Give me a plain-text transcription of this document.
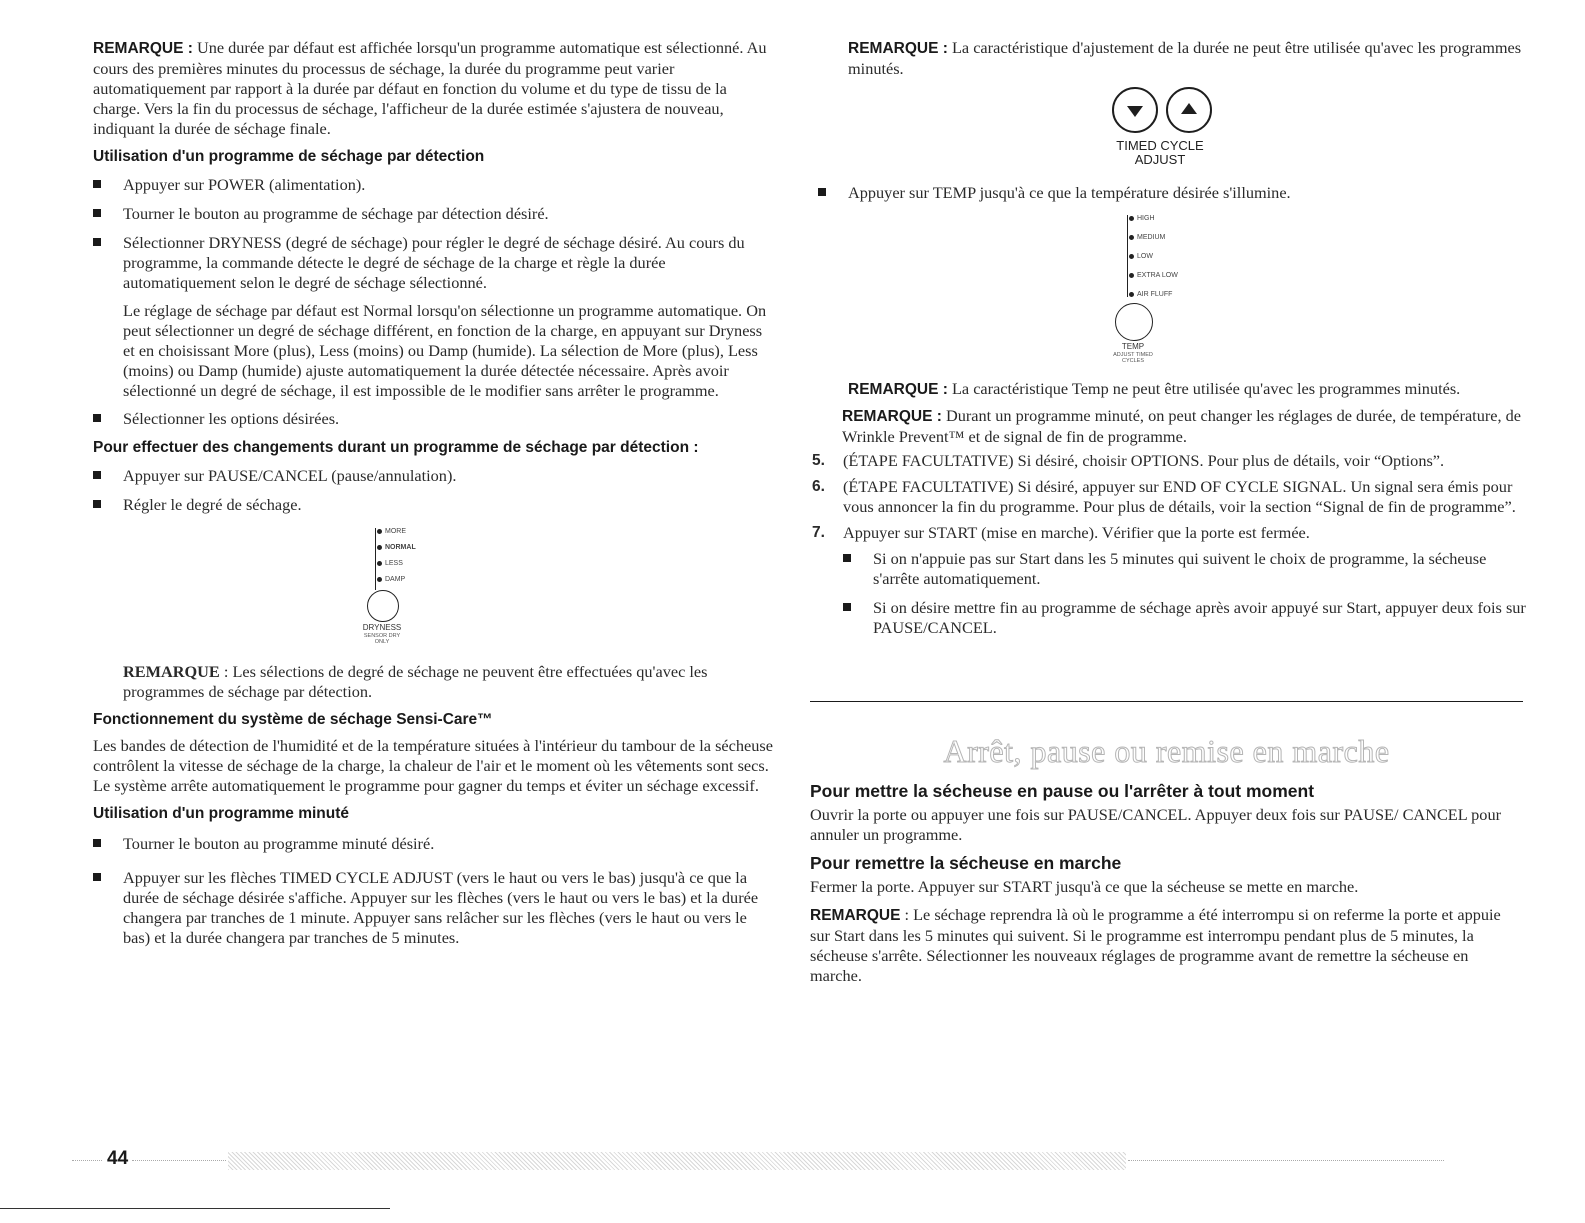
REMARQUE : Une durée par défaut est affichée lorsqu'un programme automatique est sélectionné. Au cours des premières minutes du processus de séchage, la durée du programme peut varier automatiquement par rapport à la durée par défaut en fonction du volume et du type de tissu de la charge. Vers la fin du processus de séchage, l'afficheur de la durée estimée s'ajustera de nouveau, indiquant la durée de séchage finale.

Utilisation d'un programme de séchage par détection
Appuyer sur POWER (alimentation).
Tourner le bouton au programme de séchage par détection désiré.
Sélectionner DRYNESS (degré de séchage) pour régler le degré de séchage désiré. Au cours du programme, la commande détecte le degré de séchage de la charge et règle la durée automatiquement selon le degré de séchage sélectionné.

Le réglage de séchage par défaut est Normal lorsqu'on sélectionne un programme automatique. On peut sélectionner un degré de séchage différent, en fonction de la charge, en appuyant sur Dryness et en choisissant More (plus), Less (moins) ou Damp (humide). La sélection de More (plus), Less (moins) ou Damp (humide) ajuste automatiquement la durée détectée nécessaire. Après avoir sélectionné un degré de séchage, il est impossible de le modifier sans arrêter le programme.

Sélectionner les options désirées.
Pour effectuer des changements durant un programme de séchage par détection :
Appuyer sur PAUSE/CANCEL (pause/annulation).
Régler le degré de séchage.
MORE
NORMAL
LESS
DAMP
DRYNESS
SENSOR DRY
ONLY

REMARQUE : Les sélections de degré de séchage ne peuvent être effectuées qu'avec les programmes de séchage par détection.

Fonctionnement du système de séchage Sensi-Care™

Les bandes de détection de l'humidité et de la température situées à l'intérieur du tambour de la sécheuse contrôlent la vitesse de séchage de la charge, la chaleur de l'air et le moment où les vêtements sont secs. Le système arrête automatiquement le programme pour gagner du temps et éviter un séchage excessif.

Utilisation d'un programme minuté
Tourner le bouton au programme minuté désiré.
Appuyer sur les flèches TIMED CYCLE ADJUST (vers le haut ou vers le bas) jusqu'à ce que la durée de séchage désirée s'affiche. Appuyer sur les flèches (vers le haut ou vers le bas) et la durée changera par tranches de 1 minute. Appuyer sans relâcher sur les flèches (vers le haut ou vers le bas) et la durée changera par tranches de 5 minutes.

REMARQUE : La caractéristique d'ajustement de la durée ne peut être utilisée qu'avec les programmes minutés.

TIMED CYCLE
ADJUST
Appuyer sur TEMP jusqu'à ce que la température désirée s'illumine.
HIGH
MEDIUM
LOW
EXTRA LOW
AIR FLUFF
TEMP
ADJUST TIMED
CYCLES

REMARQUE : La caractéristique Temp ne peut être utilisée qu'avec les programmes minutés.

REMARQUE : Durant un programme minuté, on peut changer les réglages de durée, de température, de Wrinkle Prevent™ et de signal de fin de programme.

5. (ÉTAPE FACULTATIVE) Si désiré, choisir OPTIONS. Pour plus de détails, voir “Options”.
6. (ÉTAPE FACULTATIVE) Si désiré, appuyer sur END OF CYCLE SIGNAL. Un signal sera émis pour vous annoncer la fin du programme. Pour plus de détails, voir la section “Signal de fin de programme”.
7. Appuyer sur START (mise en marche). Vérifier que la porte est fermée.
Si on n'appuie pas sur Start dans les 5 minutes qui suivent le choix de programme, la sécheuse s'arrête automatiquement.
Si on désire mettre fin au programme de séchage après avoir appuyé sur Start, appuyer deux fois sur PAUSE/CANCEL.
Arrêt, pause ou remise en marche
Pour mettre la sécheuse en pause ou l'arrêter à tout moment

Ouvrir la porte ou appuyer une fois sur PAUSE/CANCEL. Appuyer deux fois sur PAUSE/ CANCEL pour annuler un programme.

Pour remettre la sécheuse en marche

Fermer la porte. Appuyer sur START jusqu'à ce que la sécheuse se mette en marche.

REMARQUE : Le séchage reprendra là où le programme a été interrompu si on referme la porte et appuie sur Start dans les 5 minutes qui suivent. Si le programme est interrompu pendant plus de 5 minutes, la sécheuse s'arrête. Sélectionner les nouveaux réglages de programme avant de remettre la sécheuse en marche.

44
